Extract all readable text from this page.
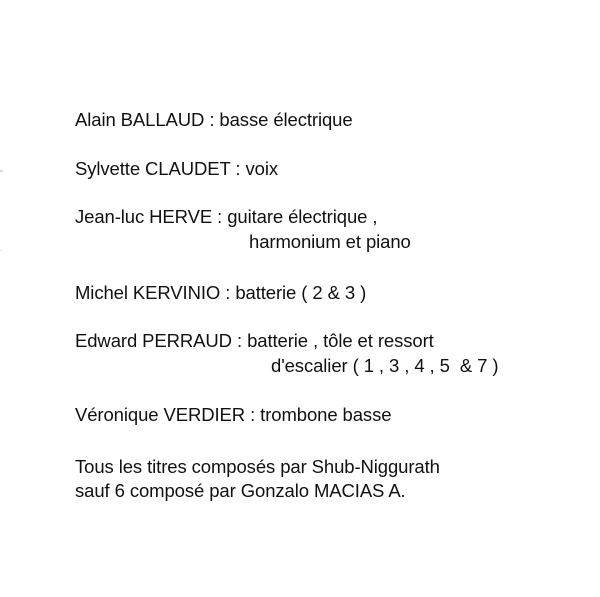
Alain BALLAUD : basse électrique
Sylvette CLAUDET : voix
Jean-luc HERVE : guitare électrique ,
harmonium et piano
Michel KERVINIO : batterie ( 2 & 3 )
Edward PERRAUD : batterie , tôle et ressort
d'escalier ( 1 , 3 , 4 , 5  & 7 )
Véronique VERDIER : trombone basse
Tous les titres composés par Shub-Niggurath
sauf 6 composé par Gonzalo MACIAS A.
